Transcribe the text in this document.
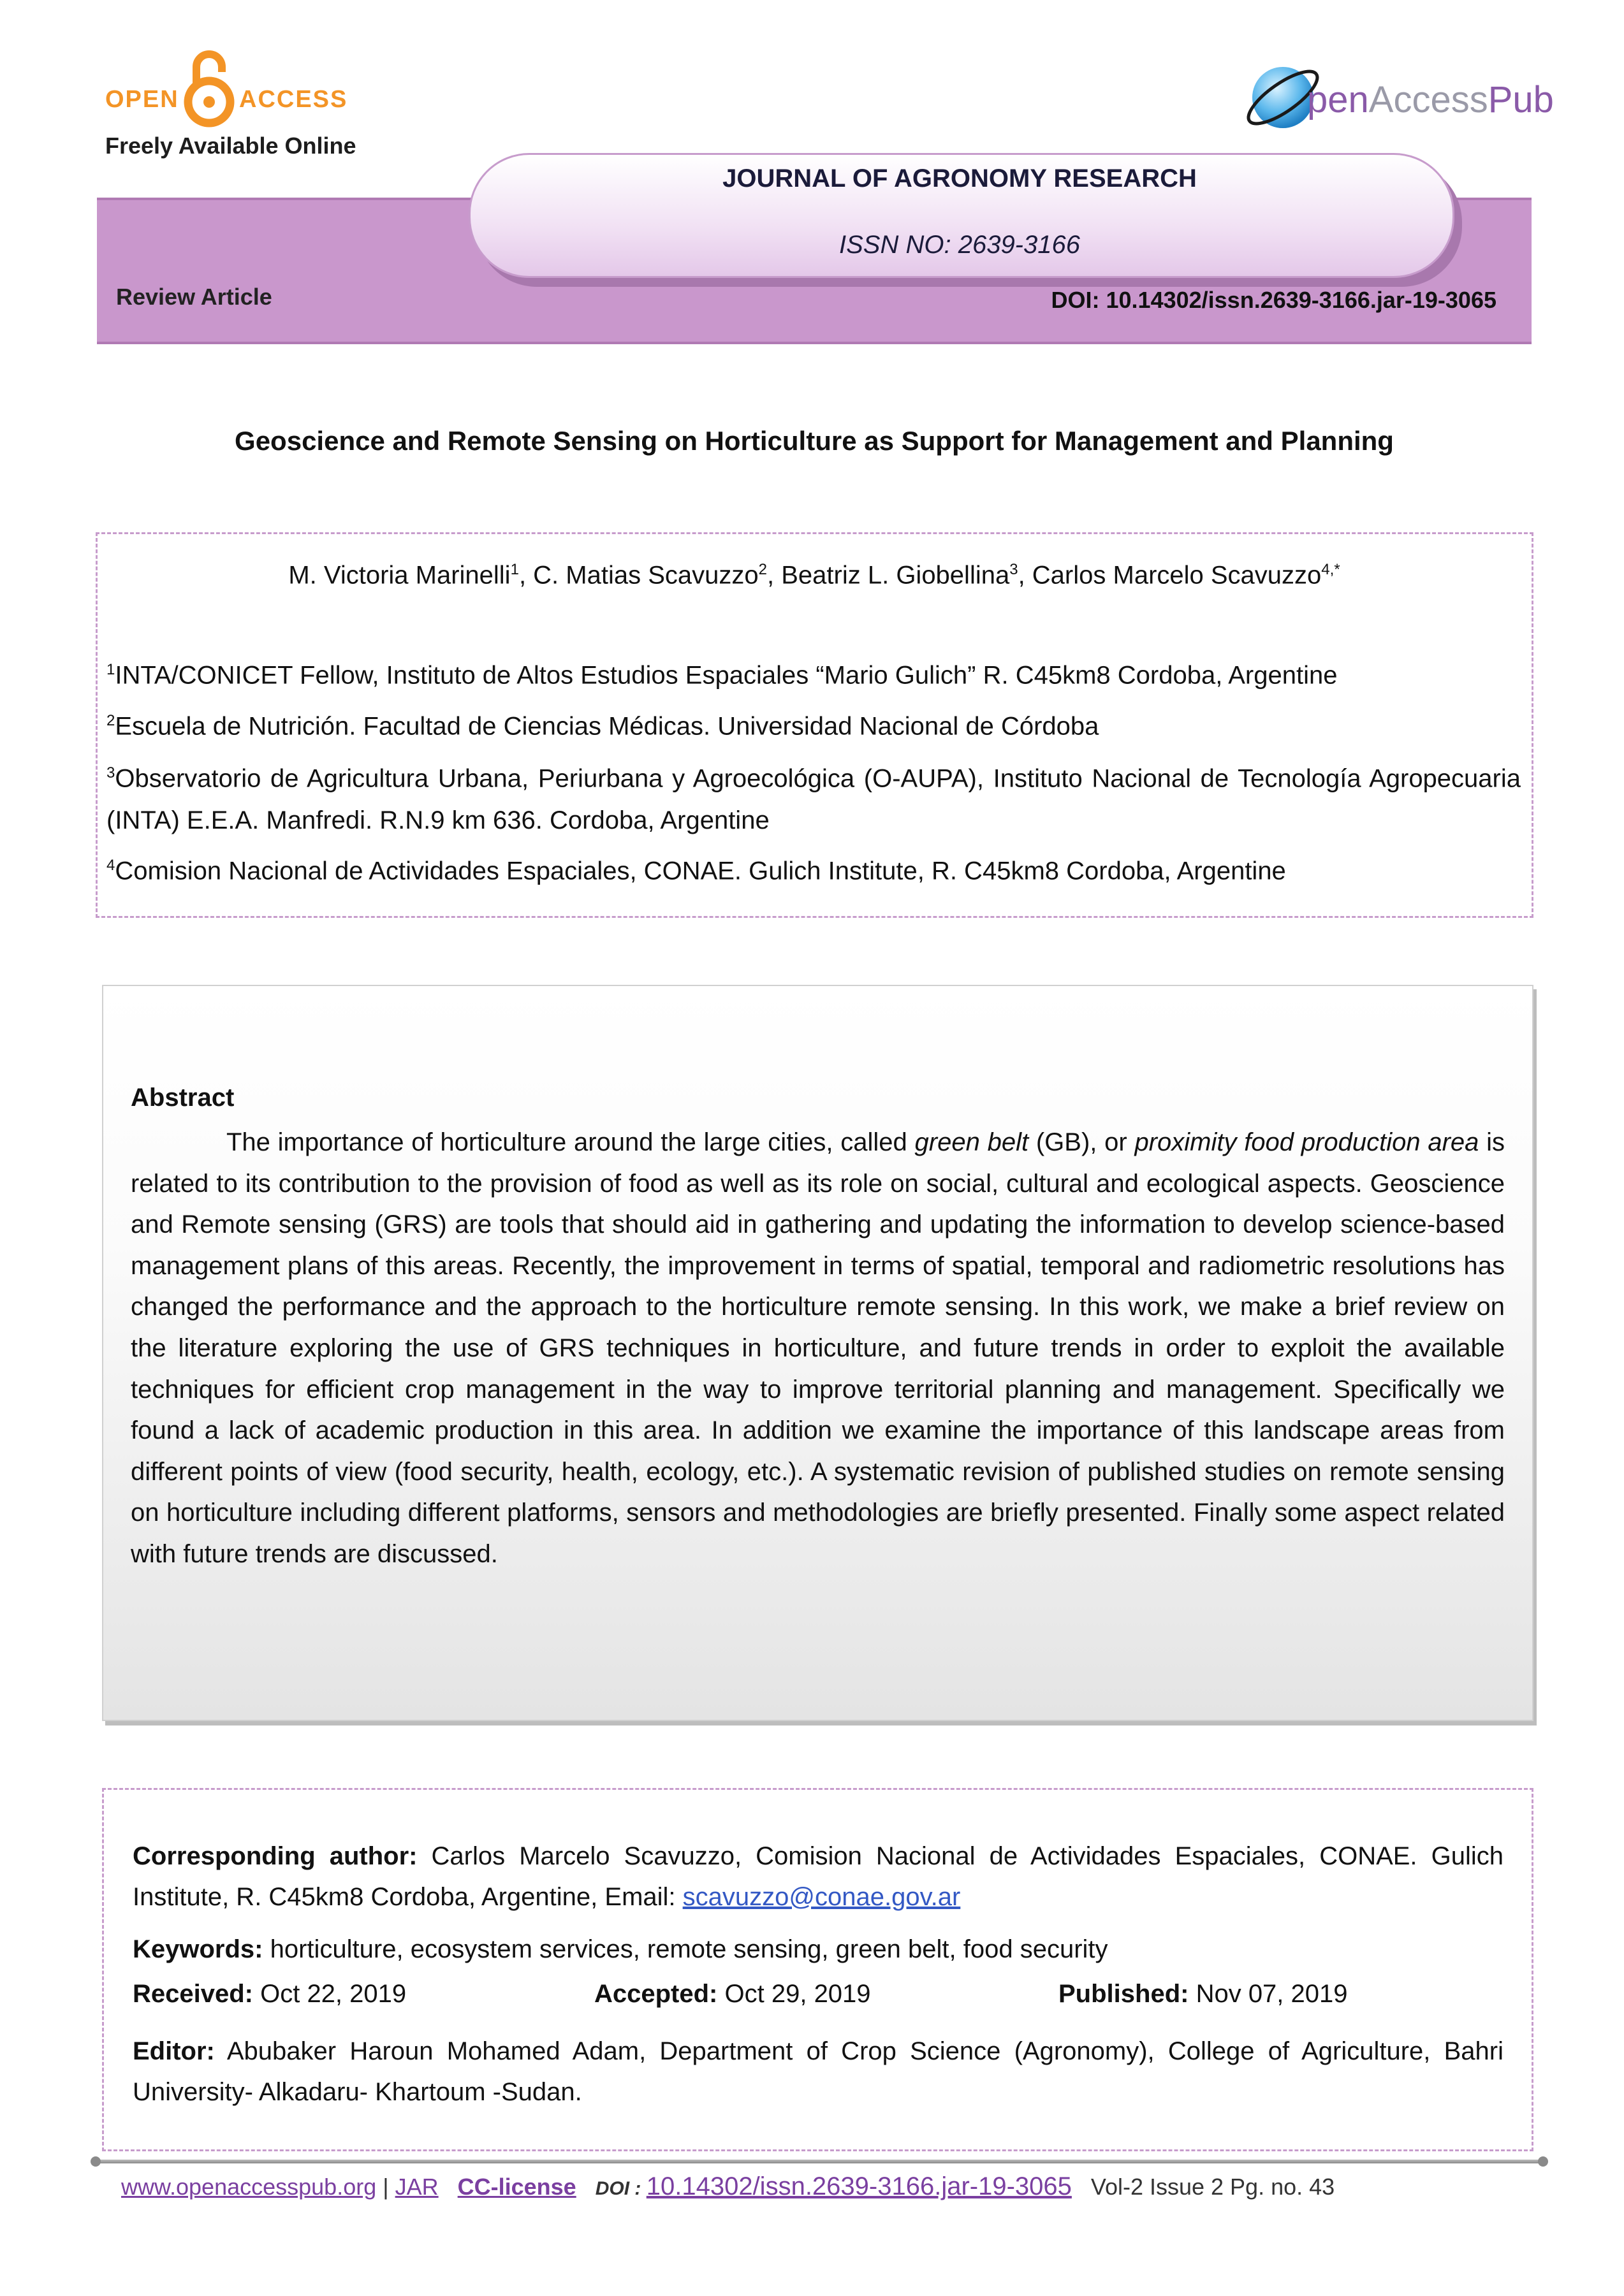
OPEN ACCESS
Freely Available Online
penAccessPub
JOURNAL OF AGRONOMY RESEARCH
ISSN NO: 2639-3166
Review Article	DOI: 10.14302/issn.2639-3166.jar-19-3065
Geoscience and Remote Sensing on Horticulture as Support for Management and Planning
M. Victoria Marinelli$^1$, C. Matias Scavuzzo$^2$, Beatriz L. Giobellina$^3$, Carlos Marcelo Scavuzzo$^{4,*}$
$^1$INTA/CONICET Fellow, Instituto de Altos Estudios Espaciales “Mario Gulich” R. C45km8 Cordoba, Argentine
$^2$Escuela de Nutrición. Facultad de Ciencias Médicas. Universidad Nacional de Córdoba
$^3$Observatorio de Agricultura Urbana, Periurbana y Agroecológica (O-AUPA), Instituto Nacional de Tecnología Agropecuaria (INTA) E.E.A. Manfredi. R.N.9 km 636. Cordoba, Argentine
$^4$Comision Nacional de Actividades Espaciales, CONAE. Gulich Institute, R. C45km8 Cordoba, Argentine
Abstract
The importance of horticulture around the large cities, called green belt (GB), or proximity food production area is related to its contribution to the provision of food as well as its role on social, cultural and ecological aspects. Geoscience and Remote sensing (GRS) are tools that should aid in gathering and updating the information to develop science-based management plans of this areas. Recently, the improvement in terms of spatial, temporal and radiometric resolutions has changed the performance and the approach to the horticulture remote sensing. In this work, we make a brief review on the literature exploring the use of GRS techniques in horticulture, and future trends in order to exploit the available techniques for efficient crop management in the way to improve territorial planning and management. Specifically we found a lack of academic production in this area. In addition we examine the importance of this landscape areas from different points of view (food security, health, ecology, etc.). A systematic revision of published studies on remote sensing on horticulture including different platforms, sensors and methodologies are briefly presented. Finally some aspect related with future trends are discussed.
Corresponding author: Carlos Marcelo Scavuzzo, Comision Nacional de Actividades Espaciales, CONAE. Gulich Institute, R. C45km8 Cordoba, Argentine, Email: scavuzzo@conae.gov.ar
Keywords: horticulture, ecosystem services, remote sensing, green belt, food security
Received: Oct 22, 2019	Accepted: Oct 29, 2019	Published: Nov 07, 2019
Editor: Abubaker Haroun Mohamed Adam, Department of Crop Science (Agronomy), College of Agriculture, Bahri University- Alkadaru- Khartoum -Sudan.
www.openaccesspub.org | JAR CC-license DOI : 10.14302/issn.2639-3166.jar-19-3065 Vol-2 Issue 2 Pg. no. 43
